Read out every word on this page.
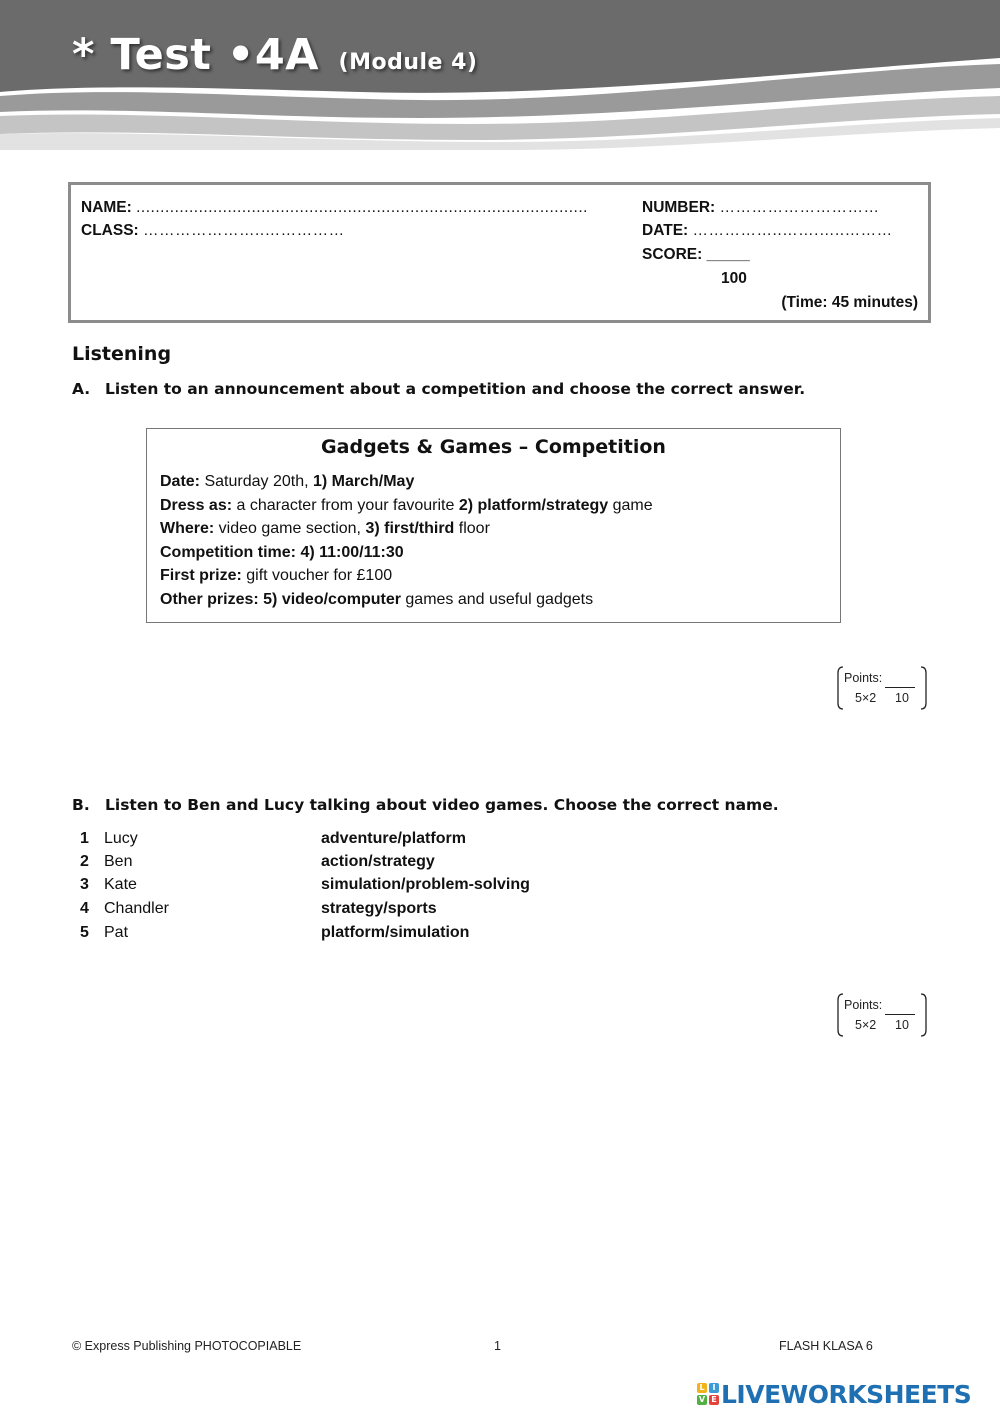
* Test •4A (Module 4)
NAME: ..............................................................................................
CLASS: …………………..……………
NUMBER: …………………………
DATE: ……………..…….…..………
SCORE: _____
100
(Time: 45 minutes)
Listening
A. Listen to an announcement about a competition and choose the correct answer.
Gadgets & Games – Competition
Date: Saturday 20th, 1) March/May
Dress as: a character from your favourite 2) platform/strategy game
Where: video game section, 3) first/third floor
Competition time: 4) 11:00/11:30
First prize: gift voucher for £100
Other prizes: 5) video/computer games and useful gadgets
Points:
5×2 10
B. Listen to Ben and Lucy talking about video games. Choose the correct name.
1 Lucy	adventure/platform
2 Ben	action/strategy
3 Kate	simulation/problem-solving
4 Chandler	strategy/sports
5 Pat	platform/simulation
Points:
5×2 10
© Express Publishing PHOTOCOPIABLE	1	FLASH KLASA 6
L I
V E LIVEWORKSHEETS
